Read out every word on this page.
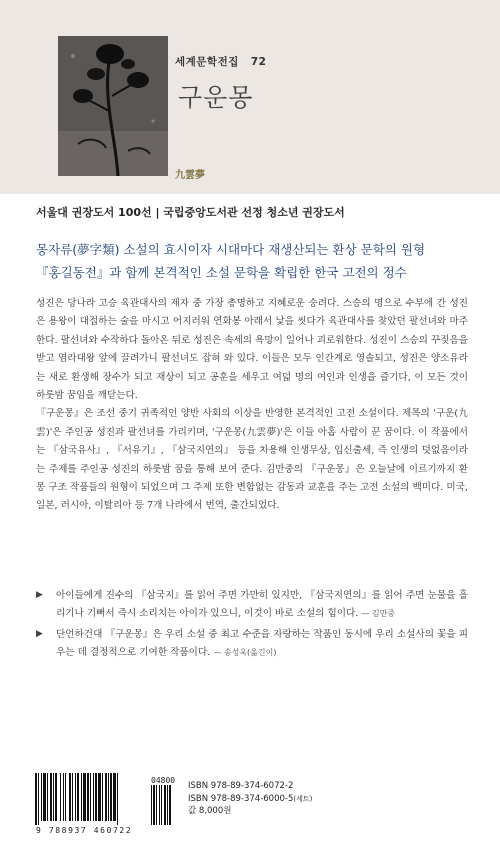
세계문학전집 72
구운몽
九雲夢
서울대 권장도서 100선 | 국립중앙도서관 선정 청소년 권장도서
몽자류(夢字類) 소설의 효시이자 시대마다 재생산되는 환상 문학의 원형
『홍길동전』과 함께 본격적인 소설 문학을 확립한 한국 고전의 정수

성진은 당나라 고승 육관대사의 제자 중 가장 총명하고 지혜로운 승려다. 스승의 명으로 수부에 간 성진은 용왕이 대접하는 술을 마시고 어지러워 연화봉 아래서 낯을 씻다가 육관대사를 찾았던 팔선녀와 마주한다. 팔선녀와 수작하다 돌아온 뒤로 성진은 속세의 욕망이 일어나 괴로워한다. 성진이 스승의 꾸짖음을 받고 염라대왕 앞에 끌려가니 팔선녀도 잡혀 와 있다. 이들은 모두 인간계로 영솔되고, 성진은 양소유라는 새로 환생해 장수가 되고 재상이 되고 공훈을 세우고 여덟 명의 여인과 인생을 즐기다, 이 모든 것이 하룻밤 꿈임을 깨닫는다.

『구운몽』은 조선 중기 귀족적인 양반 사회의 이상을 반영한 본격적인 고전 소설이다. 제목의 '구운(九雲)'은 주인공 성진과 팔선녀를 가리키며, '구운몽(九雲夢)'은 이들 아홉 사람이 꾼 꿈이다. 이 작품에서는 『삼국유사』, 『서유기』, 『삼국지연의』 등을 차용해 인생무상, 입신출세, 즉 인생의 덧없음이라는 주제를 주인공 성진의 하룻밤 꿈을 통해 보여 준다. 김만중의 『구운몽』은 오늘날에 이르기까지 환몽 구조 작품들의 원형이 되었으며 그 주제 또한 변함없는 감동과 교훈을 주는 고전 소설의 백미다. 미국, 일본, 러시아, 이탈리아 등 7개 나라에서 번역, 출간되었다.

▶ 아이들에게 진수의 『삼국지』를 읽어 주면 가만히 있지만, 『삼국지연의』를 읽어 주면 눈물을 흘리기나 기뻐서 즉시 소리치는 아이가 있으니, 이것이 바로 소설의 힘이다. — 김만중
▶ 단언하건대 『구운몽』은 우리 소설 중 최고 수준을 자랑하는 작품인 동시에 우리 소설사의 꽃을 피우는 데 결정적으로 기여한 작품이다. — 송성욱(옮긴이)
04800
9 788937 460722
ISBN 978-89-374-6072-2
ISBN 978-89-374-6000-5(세트)
값 8,000원
